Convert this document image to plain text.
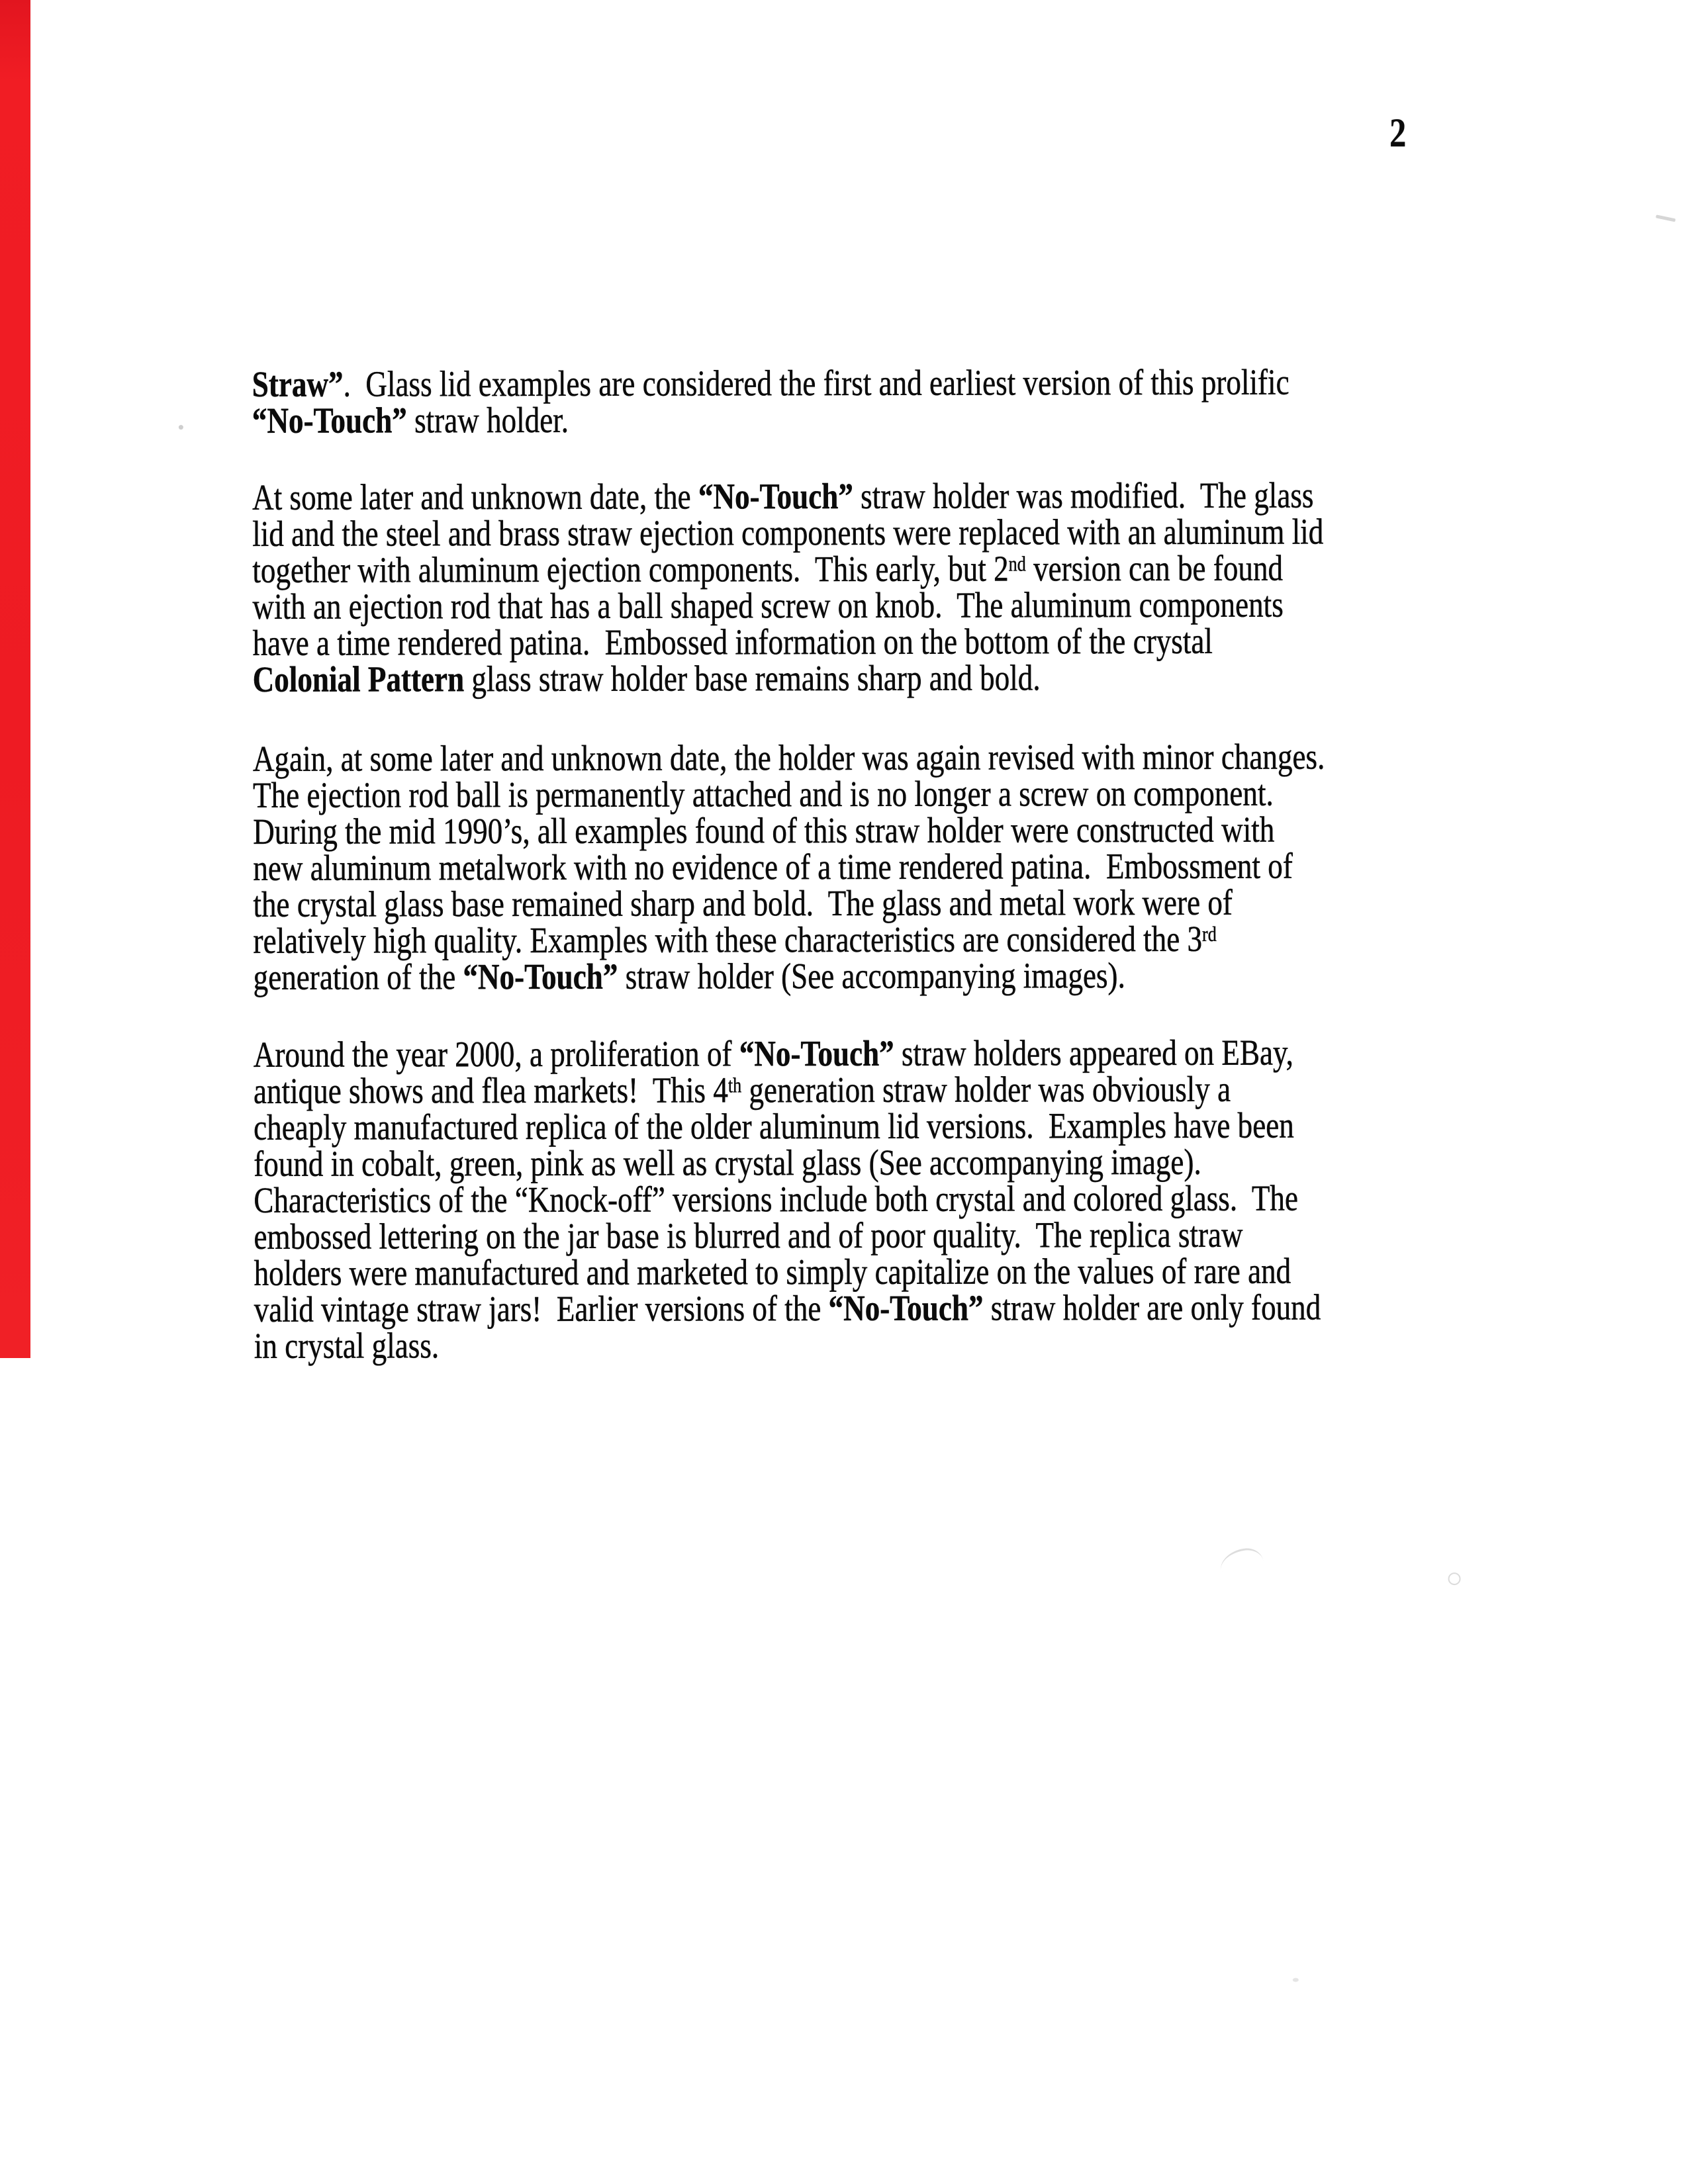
2

Straw”.  Glass lid examples are considered the first and earliest version of this prolific
“No-Touch” straw holder.

At some later and unknown date, the “No-Touch” straw holder was modified.  The glass
lid and the steel and brass straw ejection components were replaced with an aluminum lid
together with aluminum ejection components.  This early, but 2nd version can be found
with an ejection rod that has a ball shaped screw on knob.  The aluminum components
have a time rendered patina.  Embossed information on the bottom of the crystal
Colonial Pattern glass straw holder base remains sharp and bold.

Again, at some later and unknown date, the holder was again revised with minor changes.
The ejection rod ball is permanently attached and is no longer a screw on component.
During the mid 1990’s, all examples found of this straw holder were constructed with
new aluminum metalwork with no evidence of a time rendered patina.  Embossment of
the crystal glass base remained sharp and bold.  The glass and metal work were of
relatively high quality. Examples with these characteristics are considered the 3rd
generation of the “No-Touch” straw holder (See accompanying images).

Around the year 2000, a proliferation of “No-Touch” straw holders appeared on EBay,
antique shows and flea markets!  This 4th generation straw holder was obviously a
cheaply manufactured replica of the older aluminum lid versions.  Examples have been
found in cobalt, green, pink as well as crystal glass (See accompanying image).
Characteristics of the “Knock-off” versions include both crystal and colored glass.  The
embossed lettering on the jar base is blurred and of poor quality.  The replica straw
holders were manufactured and marketed to simply capitalize on the values of rare and
valid vintage straw jars!  Earlier versions of the “No-Touch” straw holder are only found
in crystal glass.
